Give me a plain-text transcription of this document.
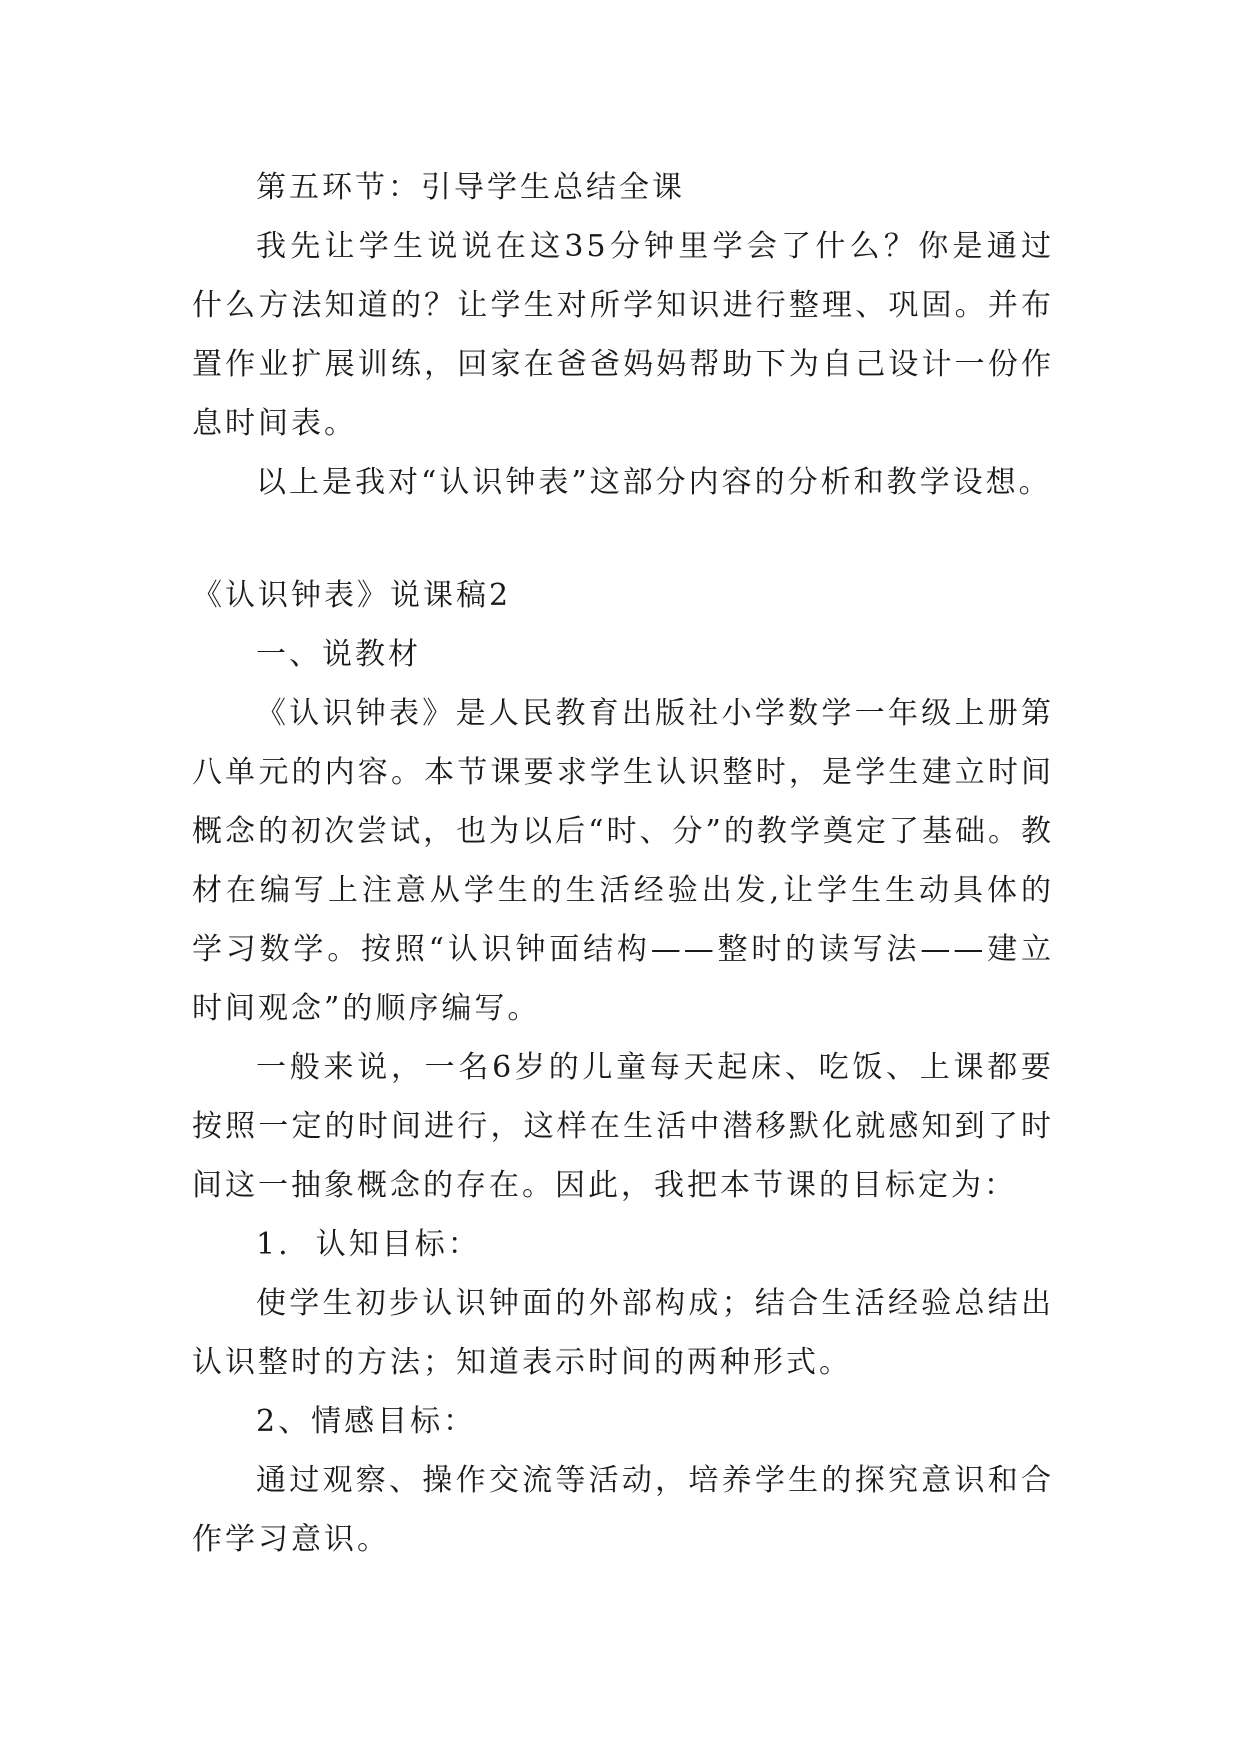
第五环节：引导学生总结全课

我先让学生说说在这35分钟里学会了什么？你是通过什么方法知道的？让学生对所学知识进行整理、巩固。并布置作业扩展训练，回家在爸爸妈妈帮助下为自己设计一份作息时间表。

以上是我对“认识钟表”这部分内容的分析和教学设想。

《认识钟表》说课稿2

一、说教材

《认识钟表》是人民教育出版社小学数学一年级上册第八单元的内容。本节课要求学生认识整时，是学生建立时间概念的初次尝试，也为以后“时、分”的教学奠定了基础。教材在编写上注意从学生的生活经验出发,让学生生动具体的学习数学。按照“认识钟面结构——整时的读写法——建立时间观念”的顺序编写。

一般来说，一名6岁的儿童每天起床、吃饭、上课都要按照一定的时间进行，这样在生活中潜移默化就感知到了时间这一抽象概念的存在。因此，我把本节课的目标定为：

1.  认知目标：

使学生初步认识钟面的外部构成；结合生活经验总结出认识整时的方法；知道表示时间的两种形式。

2、情感目标：

通过观察、操作交流等活动，培养学生的探究意识和合作学习意识。
